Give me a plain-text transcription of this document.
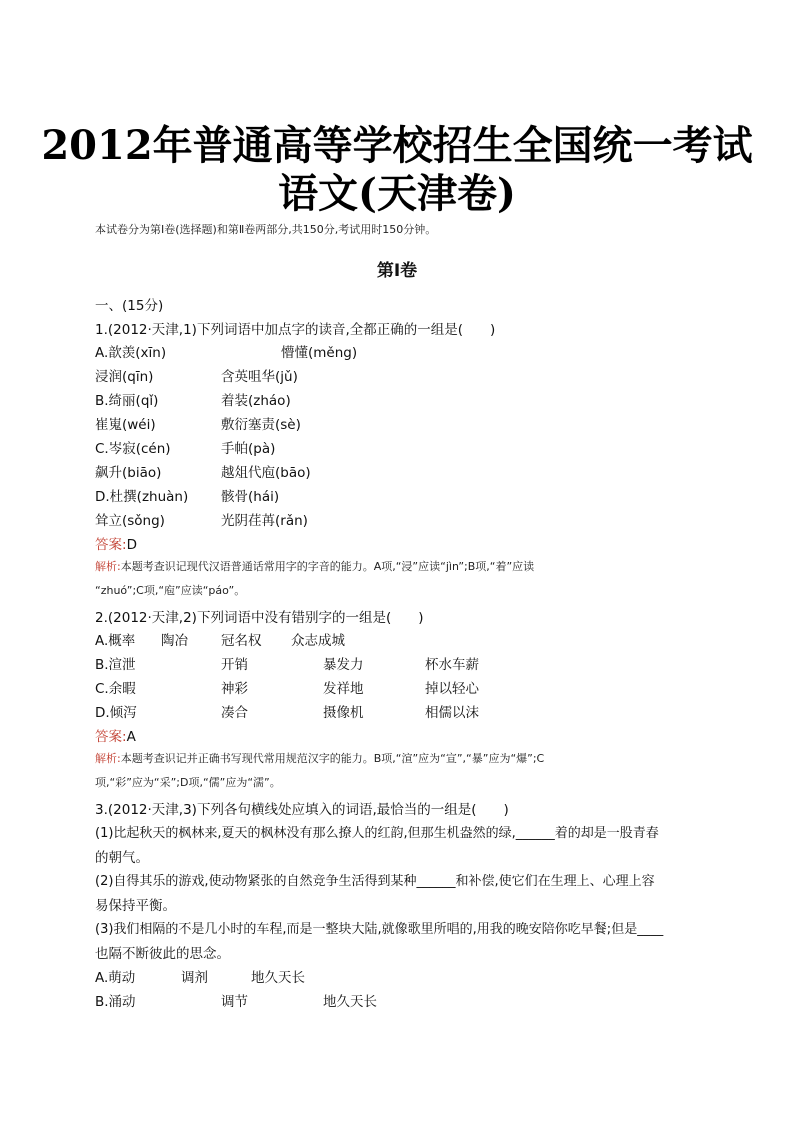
2012年普通高等学校招生全国统一考试
语文(天津卷)
本试卷分为第Ⅰ卷(选择题)和第Ⅱ卷两部分,共150分,考试用时150分钟。
第Ⅰ卷
一、(15分)
1.(2012·天津,1)下列词语中加点字的读音,全都正确的一组是(　　)
A.歆羡(xīn)	懵懂(měng)
浸润(qīn)	含英咀华(jǔ)
B.绮丽(qǐ)	着装(zháo)
崔嵬(wéi)	敷衍塞责(sè)
C.岑寂(cén)	手帕(pà)
飙升(biāo)	越俎代庖(bāo)
D.杜撰(zhuàn) 骸骨(hái)
耸立(sǒng)	光阴荏苒(rǎn)
答案:D
解析:本题考查识记现代汉语普通话常用字的字音的能力。A项,“浸”应读“jìn”;B项,“着”应读
“zhuó”;C项,“庖”应读“páo”。
2.(2012·天津,2)下列词语中没有错别字的一组是(　　)
A.概率 陶冶 冠名权 众志成城
B.渲泄	开销	暴发力	杯水车薪
C.余暇	神彩	发祥地	掉以轻心
D.倾泻	凑合	摄像机	相儒以沫
答案:A
解析:本题考查识记并正确书写现代常用规范汉字的能力。B项,“渲”应为“宣”,“暴”应为“爆”;C
项,“彩”应为“采”;D项,“儒”应为“濡”。
3.(2012·天津,3)下列各句横线处应填入的词语,最恰当的一组是(　　)
(1)比起秋天的枫林来,夏天的枫林没有那么撩人的红韵,但那生机盎然的绿,______着的却是一股青春
的朝气。
(2)自得其乐的游戏,使动物紧张的自然竞争生活得到某种______和补偿,使它们在生理上、心理上容
易保持平衡。
(3)我们相隔的不是几小时的车程,而是一整块大陆,就像歌里所唱的,用我的晚安陪你吃早餐;但是____
也隔不断彼此的思念。
A.萌动	调剂	地久天长
B.涌动	调节	地久天长
